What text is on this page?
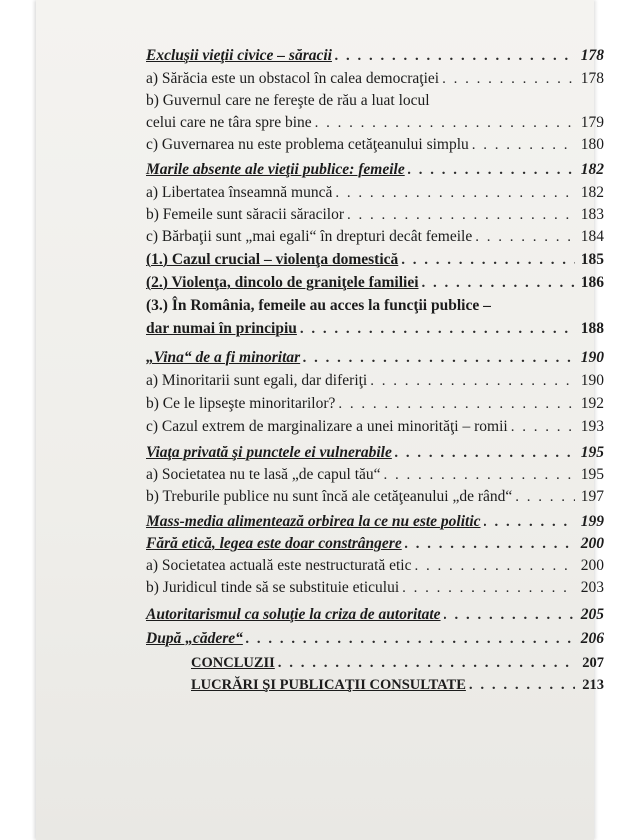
Excluşii vieţii civice – săracii . . .	178
a) Sărăcia este un obstacol în calea democraţiei . . .	178
b) Guvernul care ne fereşte de rău a luat locul
celui care ne târa spre bine . . .	179
c) Guvernarea nu este problema cetăţeanului simplu . . .	180
Marile absente ale vieţii publice: femeile . . .	182
a) Libertatea înseamnă muncă . . .	182
b) Femeile sunt săracii săracilor . . .	183
c) Bărbaţii sunt „mai egali“ în drepturi decât femeile . . .	184
(1.) Cazul crucial – violenţa domestică . . .	185
(2.) Violenţa, dincolo de graniţele familiei . . .	186
(3.) În România, femeile au acces la funcţii publice –
dar numai în principiu . . .	188
„Vina“ de a fi minoritar . . .	190
a) Minoritarii sunt egali, dar diferiţi . . .	190
b) Ce le lipseşte minoritarilor? . . .	192
c) Cazul extrem de marginalizare a unei minorităţi – romii . . .	193
Viaţa privată şi punctele ei vulnerabile . . .	195
a) Societatea nu te lasă „de capul tău“ . . .	195
b) Treburile publice nu sunt încă ale cetăţeanului „de rând“ . . .	197
Mass-media alimentează orbirea la ce nu este politic . . .	199
Fără etică, legea este doar constrângere . . .	200
a) Societatea actuală este nestructurată etic . . .	200
b) Juridicul tinde să se substituie eticului . . .	203
Autoritarismul ca soluţie la criza de autoritate . . .	205
După „cădere“ . . .	206
CONCLUZII . . .	207
LUCRĂRI ŞI PUBLICAŢII CONSULTATE . . .	213
